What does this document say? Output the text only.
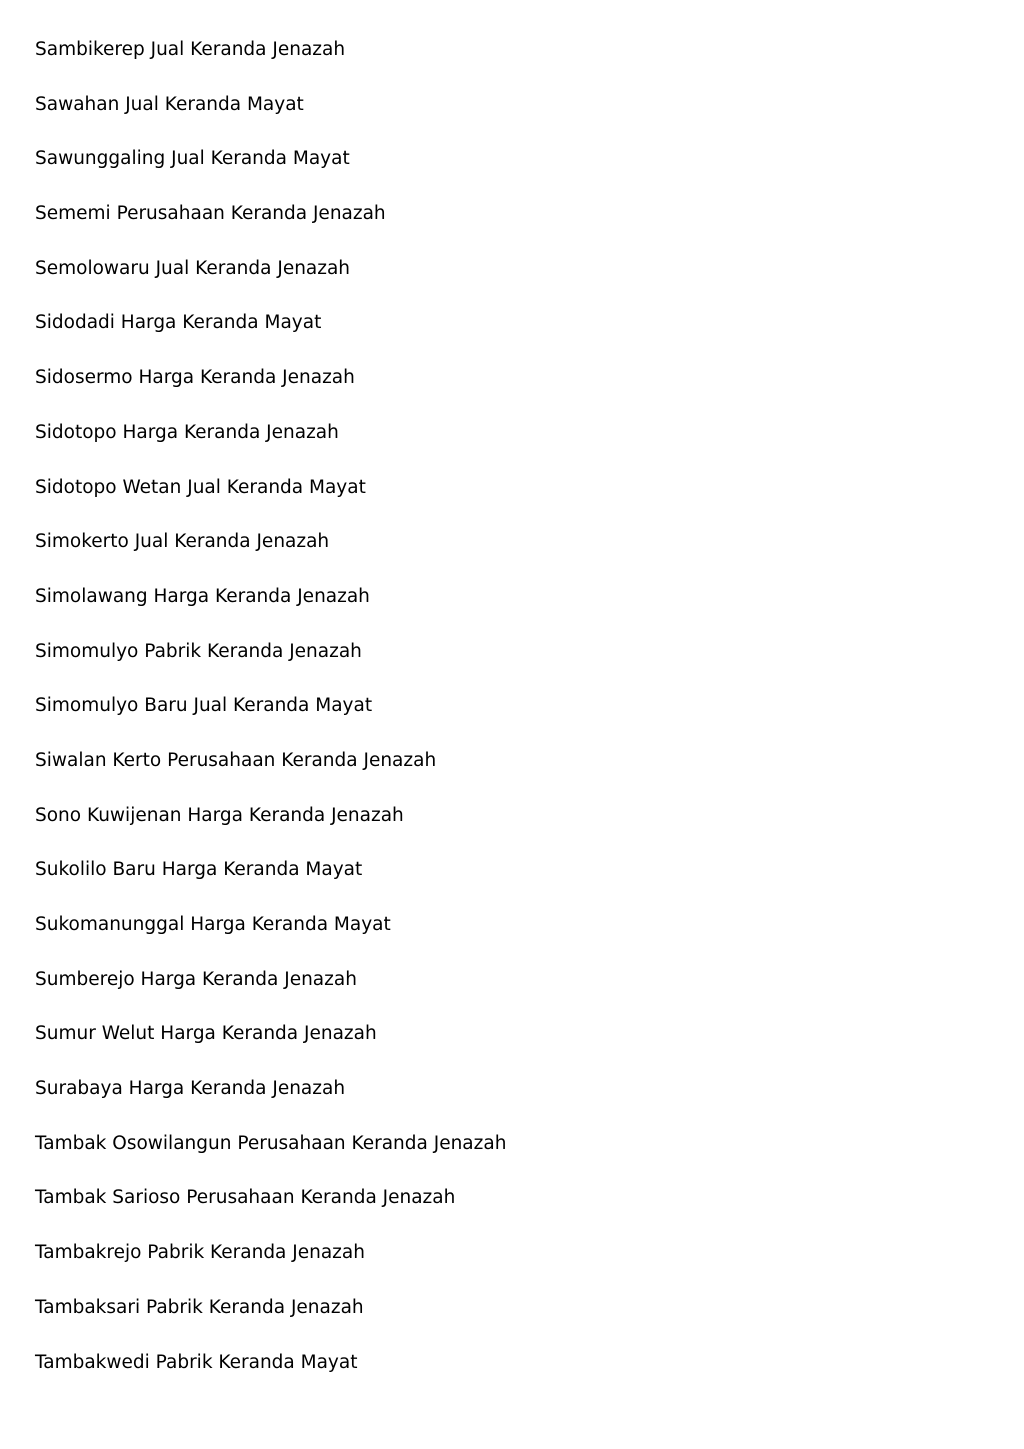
Sambikerep Jual Keranda Jenazah
Sawahan Jual Keranda Mayat
Sawunggaling Jual Keranda Mayat
Sememi Perusahaan Keranda Jenazah
Semolowaru Jual Keranda Jenazah
Sidodadi Harga Keranda Mayat
Sidosermo Harga Keranda Jenazah
Sidotopo Harga Keranda Jenazah
Sidotopo Wetan Jual Keranda Mayat
Simokerto Jual Keranda Jenazah
Simolawang Harga Keranda Jenazah
Simomulyo Pabrik Keranda Jenazah
Simomulyo Baru Jual Keranda Mayat
Siwalan Kerto Perusahaan Keranda Jenazah
Sono Kuwijenan Harga Keranda Jenazah
Sukolilo Baru Harga Keranda Mayat
Sukomanunggal Harga Keranda Mayat
Sumberejo Harga Keranda Jenazah
Sumur Welut Harga Keranda Jenazah
Surabaya Harga Keranda Jenazah
Tambak Osowilangun Perusahaan Keranda Jenazah
Tambak Sarioso Perusahaan Keranda Jenazah
Tambakrejo Pabrik Keranda Jenazah
Tambaksari Pabrik Keranda Jenazah
Tambakwedi Pabrik Keranda Mayat
